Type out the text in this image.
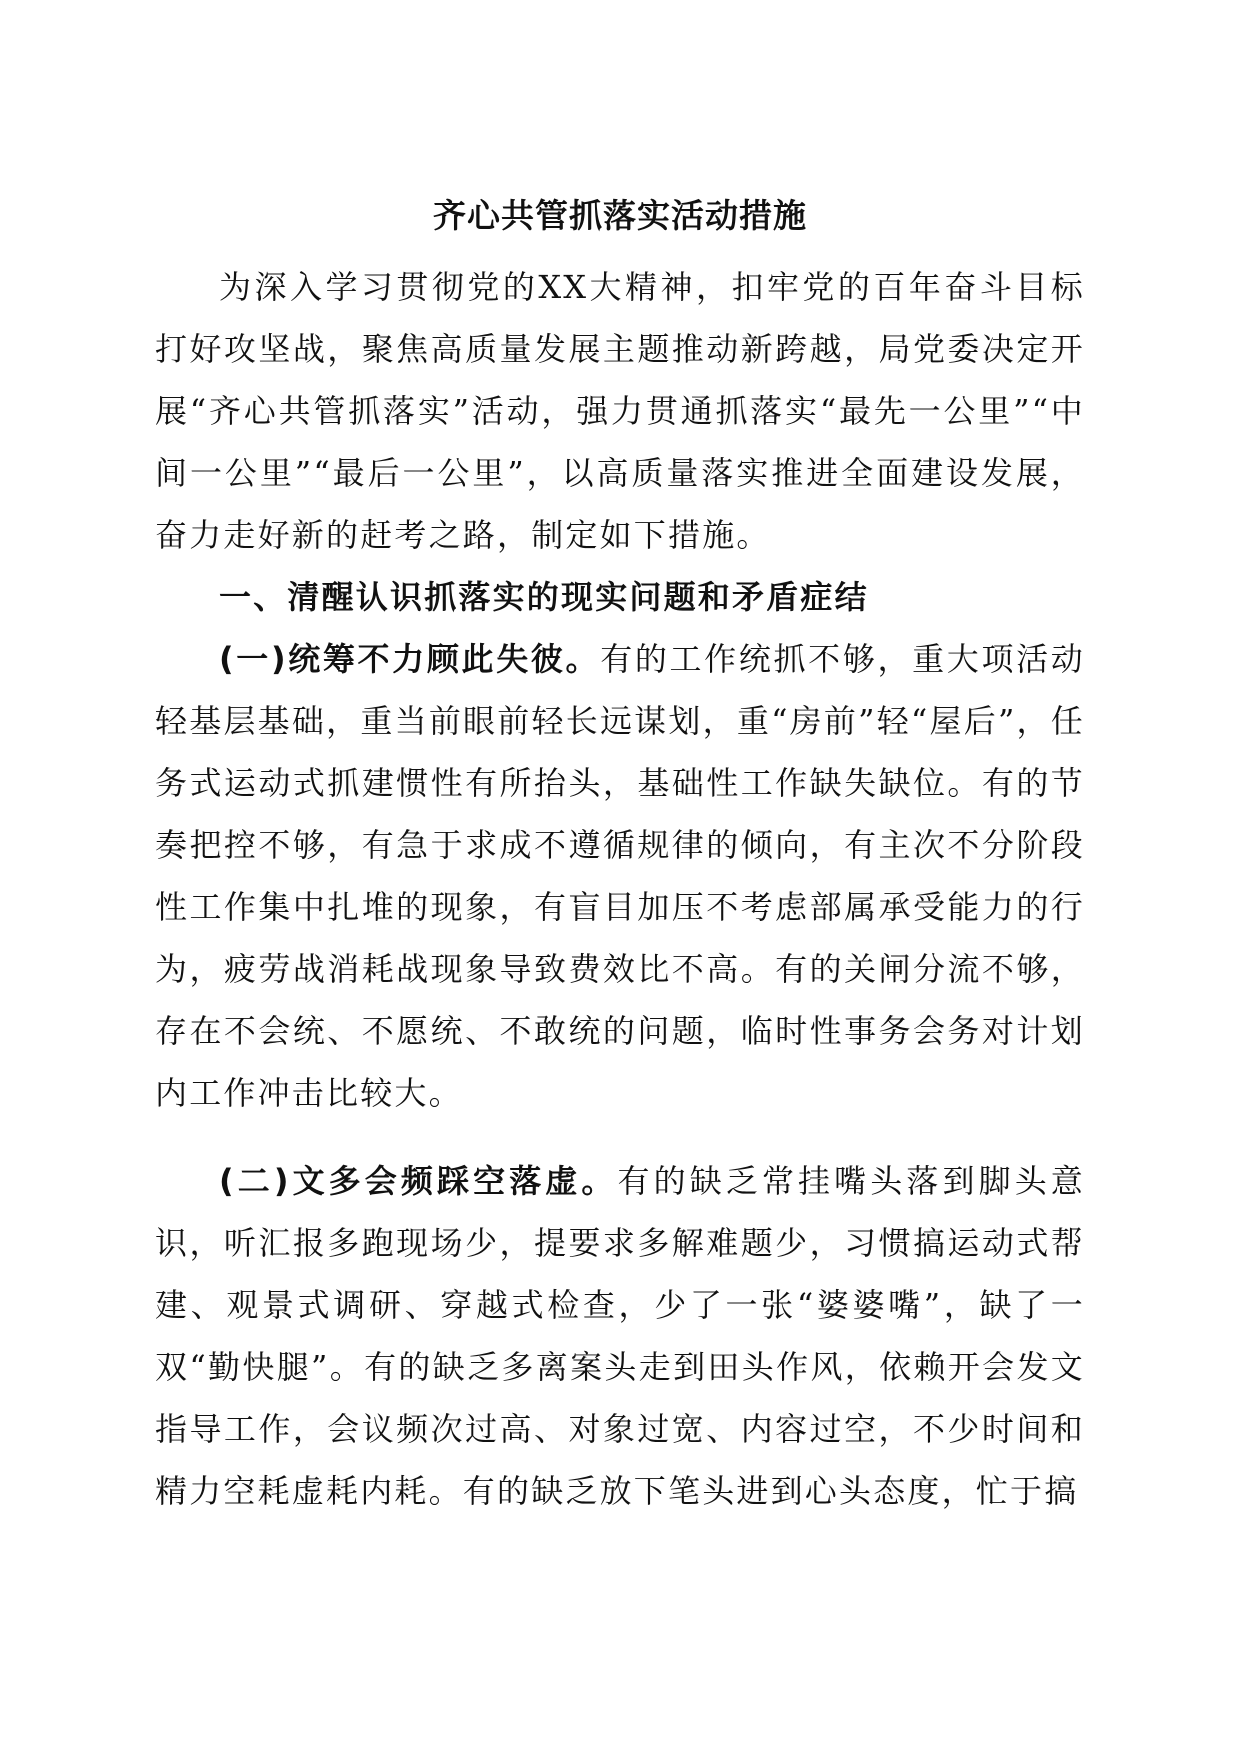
齐心共管抓落实活动措施

为深入学习贯彻党的XX大精神，扣牢党的百年奋斗目标打好攻坚战，聚焦高质量发展主题推动新跨越，局党委决定开展“齐心共管抓落实”活动，强力贯通抓落实“最先一公里”“中间一公里”“最后一公里”，以高质量落实推进全面建设发展，奋力走好新的赶考之路，制定如下措施。

一、清醒认识抓落实的现实问题和矛盾症结

(一)统筹不力顾此失彼。有的工作统抓不够，重大项活动轻基层基础，重当前眼前轻长远谋划，重“房前”轻“屋后”，任务式运动式抓建惯性有所抬头，基础性工作缺失缺位。有的节奏把控不够，有急于求成不遵循规律的倾向，有主次不分阶段性工作集中扎堆的现象，有盲目加压不考虑部属承受能力的行为，疲劳战消耗战现象导致费效比不高。有的关闸分流不够，存在不会统、不愿统、不敢统的问题，临时性事务会务对计划内工作冲击比较大。

(二)文多会频踩空落虚。有的缺乏常挂嘴头落到脚头意识，听汇报多跑现场少，提要求多解难题少，习惯搞运动式帮建、观景式调研、穿越式检查，少了一张“婆婆嘴”，缺了一双“勤快腿”。有的缺乏多离案头走到田头作风，依赖开会发文指导工作，会议频次过高、对象过宽、内容过空，不少时间和精力空耗虚耗内耗。有的缺乏放下笔头进到心头态度，忙于搞
